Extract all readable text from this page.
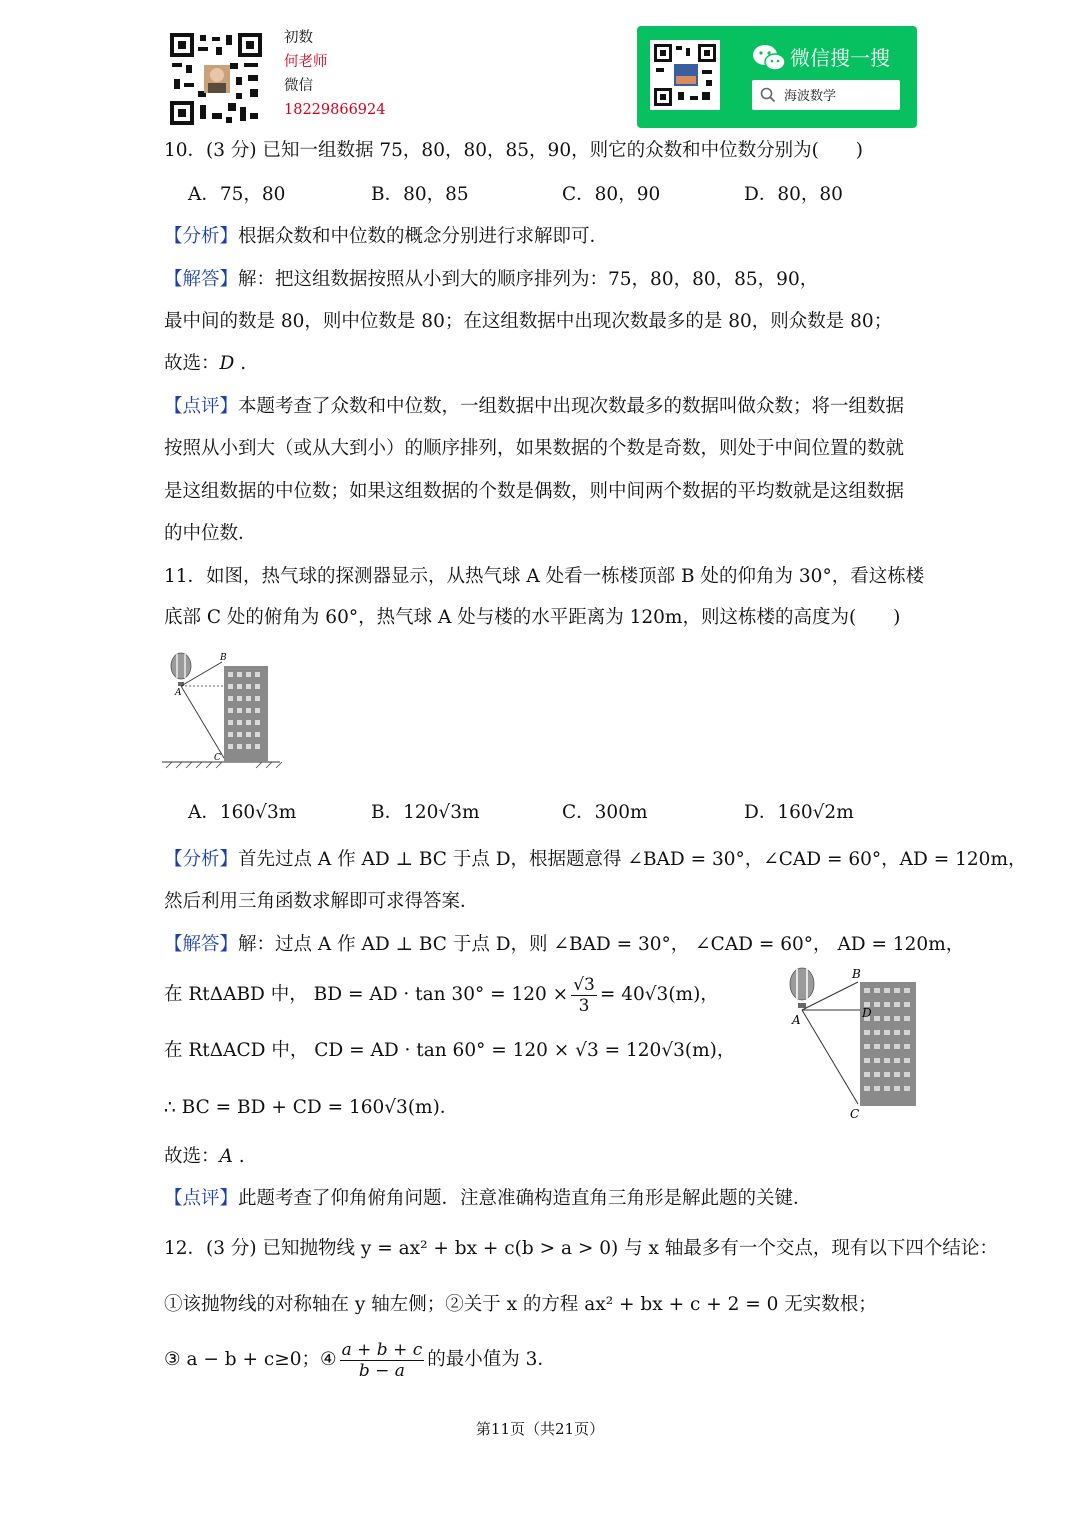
初数
何老师
微信
18229866924
微信搜一搜
海波数学
10．(3 分) 已知一组数据 75，80，80，85，90，则它的众数和中位数分别为(　　)
A．75，80	B．80，85	C．80，90	D．80，80
【分析】根据众数和中位数的概念分别进行求解即可．
【解答】解：把这组数据按照从小到大的顺序排列为：75，80，80，85，90，
最中间的数是 80，则中位数是 80；在这组数据中出现次数最多的是 80，则众数是 80；
故选：D .
【点评】本题考查了众数和中位数，一组数据中出现次数最多的数据叫做众数；将一组数据
按照从小到大（或从大到小）的顺序排列，如果数据的个数是奇数，则处于中间位置的数就
是这组数据的中位数；如果这组数据的个数是偶数，则中间两个数据的平均数就是这组数据
的中位数．
11．如图，热气球的探测器显示，从热气球 A 处看一栋楼顶部 B 处的仰角为 30°，看这栋楼
底部 C 处的俯角为 60°，热气球 A 处与楼的水平距离为 120m，则这栋楼的高度为(　　)
B
A
C
A．160√3m	B．120√3m	C．300m	D．160√2m
【分析】首先过点 A 作 AD ⊥ BC 于点 D，根据题意得 ∠BAD = 30°，∠CAD = 60°，AD = 120m，
然后利用三角函数求解即可求得答案．
【解答】解：过点 A 作 AD ⊥ BC 于点 D，则 ∠BAD = 30°， ∠CAD = 60°， AD = 120m，
在 RtΔABD 中， BD = AD · $\tan 30^\circ = 120 \times \frac{√3}{3} = 40√3(m)$，
在 RtΔACD 中， CD = AD · tan 60° = 120 × √3 = 120√3(m)，
∴ BC = BD + CD = 160√3(m)．
故选：A .
【点评】此题考查了仰角俯角问题．注意准确构造直角三角形是解此题的关键．
B
D
A
C
12．(3 分) 已知抛物线 y = ax² + bx + c(b > a > 0) 与 x 轴最多有一个交点，现有以下四个结论：
①该抛物线的对称轴在 y 轴左侧；②关于 x 的方程 ax² + bx + c + 2 = 0 无实数根；
③ a − b + c≥0；④ $\frac{a + b + c}{b - a}$ 的最小值为 3．
第11页（共21页）
